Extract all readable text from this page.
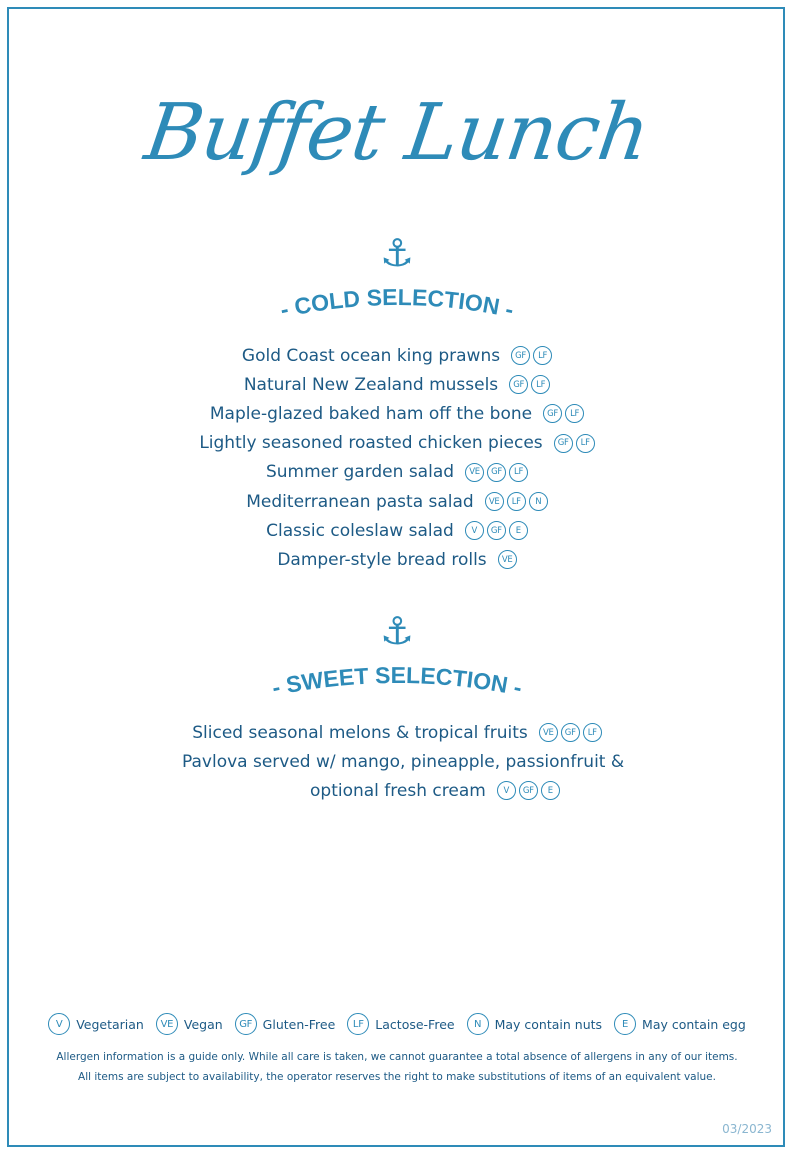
Buffet Lunch
⚓
- COLD SELECTION -
Gold Coast ocean king prawns	GF	LF
Natural New Zealand mussels	GF	LF
Maple-glazed baked ham off the bone	GF	LF
Lightly seasoned roasted chicken pieces	GF	LF
Summer garden salad	VE	GF	LF
Mediterranean pasta salad	VE	LF	N
Classic coleslaw salad	V	GF	E
Damper-style bread rolls	VE
⚓
- SWEET SELECTION -
Sliced seasonal melons & tropical fruits	VE	GF	LF
Pavlova served w/ mango, pineapple, passionfruit &
optional fresh cream	V	GF	E
V	Vegetarian	VE Vegan	GF Gluten-Free	LF Lactose-Free	N	May contain nuts	E	May contain egg
Allergen information is a guide only. While all care is taken, we cannot guarantee a total absence of allergens in any of our items.
All items are subject to availability, the operator reserves the right to make substitutions of items of an equivalent value.
03/2023
